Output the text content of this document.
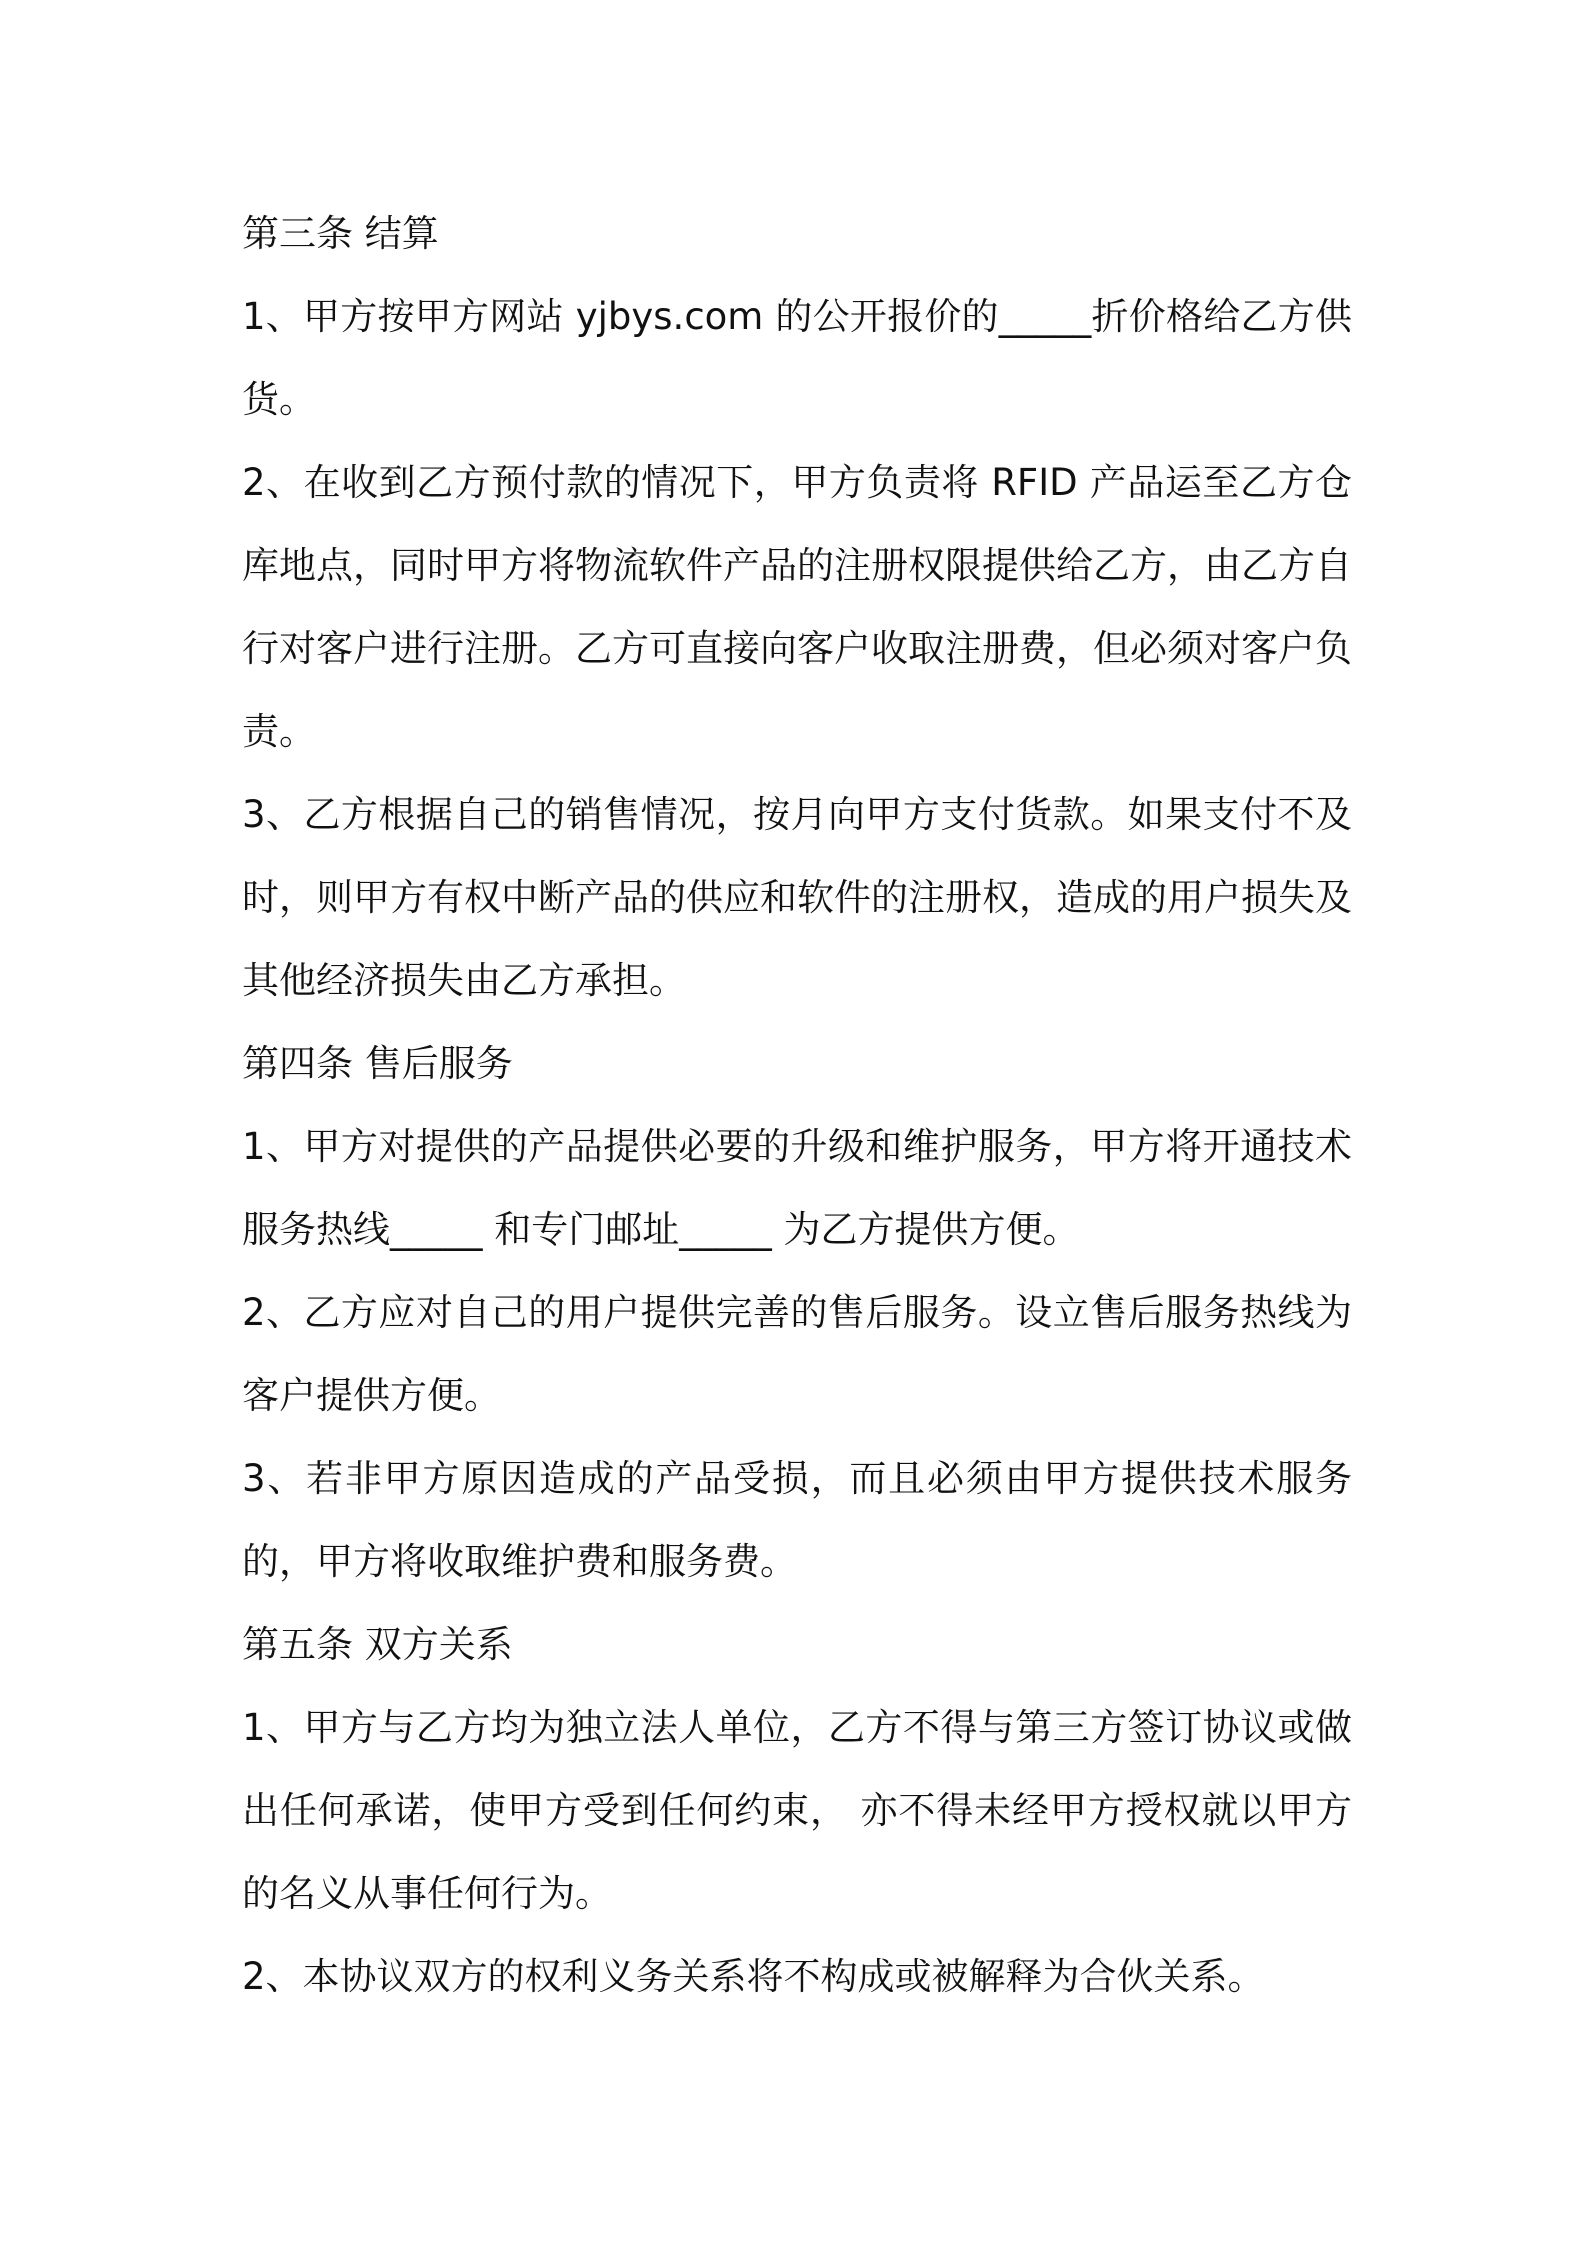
第三条 结算

1、甲方按甲方网站 yjbys.com 的公开报价的_____折价格给乙方供货。

2、在收到乙方预付款的情况下，甲方负责将 RFID 产品运至乙方仓库地点，同时甲方将物流软件产品的注册权限提供给乙方，由乙方自行对客户进行注册。乙方可直接向客户收取注册费，但必须对客户负责。

3、乙方根据自己的销售情况，按月向甲方支付货款。如果支付不及时，则甲方有权中断产品的供应和软件的注册权，造成的用户损失及其他经济损失由乙方承担。

第四条 售后服务

1、甲方对提供的产品提供必要的升级和维护服务，甲方将开通技术服务热线_____ 和专门邮址_____ 为乙方提供方便。

2、乙方应对自己的用户提供完善的售后服务。设立售后服务热线为客户提供方便。

3、若非甲方原因造成的产品受损，而且必须由甲方提供技术服务的，甲方将收取维护费和服务费。

第五条 双方关系

1、甲方与乙方均为独立法人单位，乙方不得与第三方签订协议或做出任何承诺，使甲方受到任何约束， 亦不得未经甲方授权就以甲方的名义从事任何行为。

2、本协议双方的权利义务关系将不构成或被解释为合伙关系。
